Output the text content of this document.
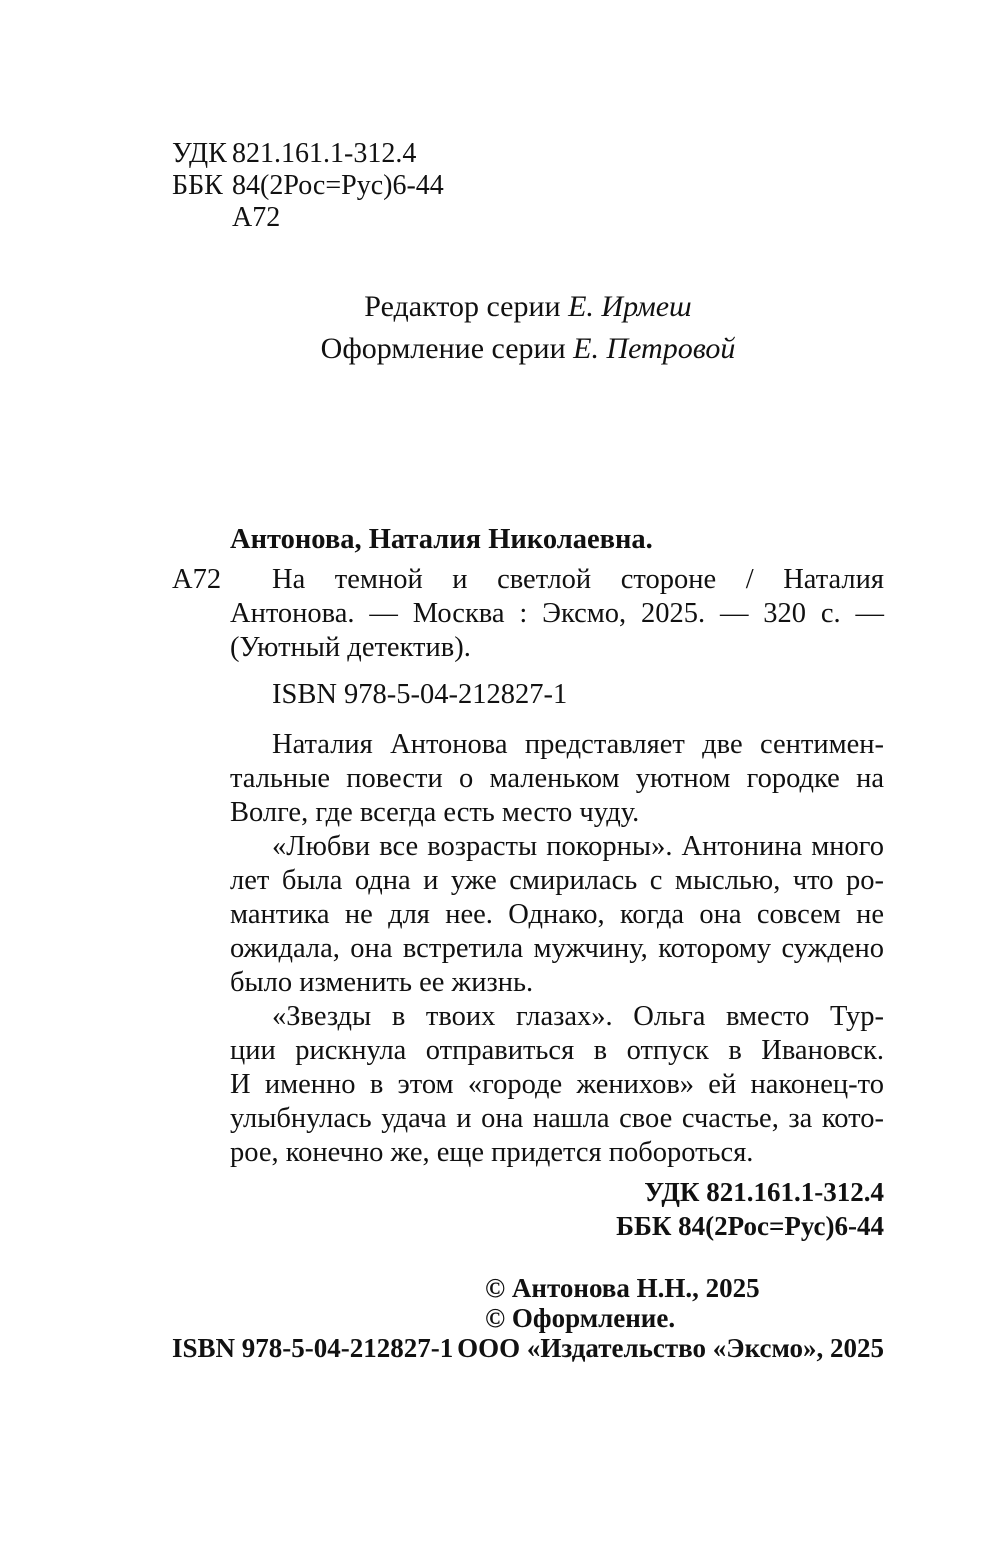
УДК 821.161.1-312.4
ББК 84(2Рос=Рус)6-44
А72
Редактор серии Е. Ирмеш
Оформление серии Е. Петровой
Антонова, Наталия Николаевна.
А72 На темной и светлой стороне / Наталия
Антонова. — Москва : Эксмо, 2025. — 320 с. —
(Уютный детектив).
ISBN 978-5-04-212827-1
Наталия Антонова представляет две сентимен-
тальные повести о маленьком уютном городке на
Волге, где всегда есть место чуду.
«Любви все возрасты покорны». Антонина много
лет была одна и уже смирилась с мыслью, что ро-
мантика не для нее. Однако, когда она совсем не
ожидала, она встретила мужчину, которому суждено
было изменить ее жизнь.
«Звезды в твоих глазах». Ольга вместо Тур-
ции рискнула отправиться в отпуск в Ивановск.
И именно в этом «городе женихов» ей наконец-то
улыбнулась удача и она нашла свое счастье, за кото-
рое, конечно же, еще придется побороться.
УДК 821.161.1-312.4
ББК 84(2Рос=Рус)6-44
© Антонова Н.Н., 2025
© Оформление.
ООО «Издательство «Эксмо», 2025
ISBN 978-5-04-212827-1
